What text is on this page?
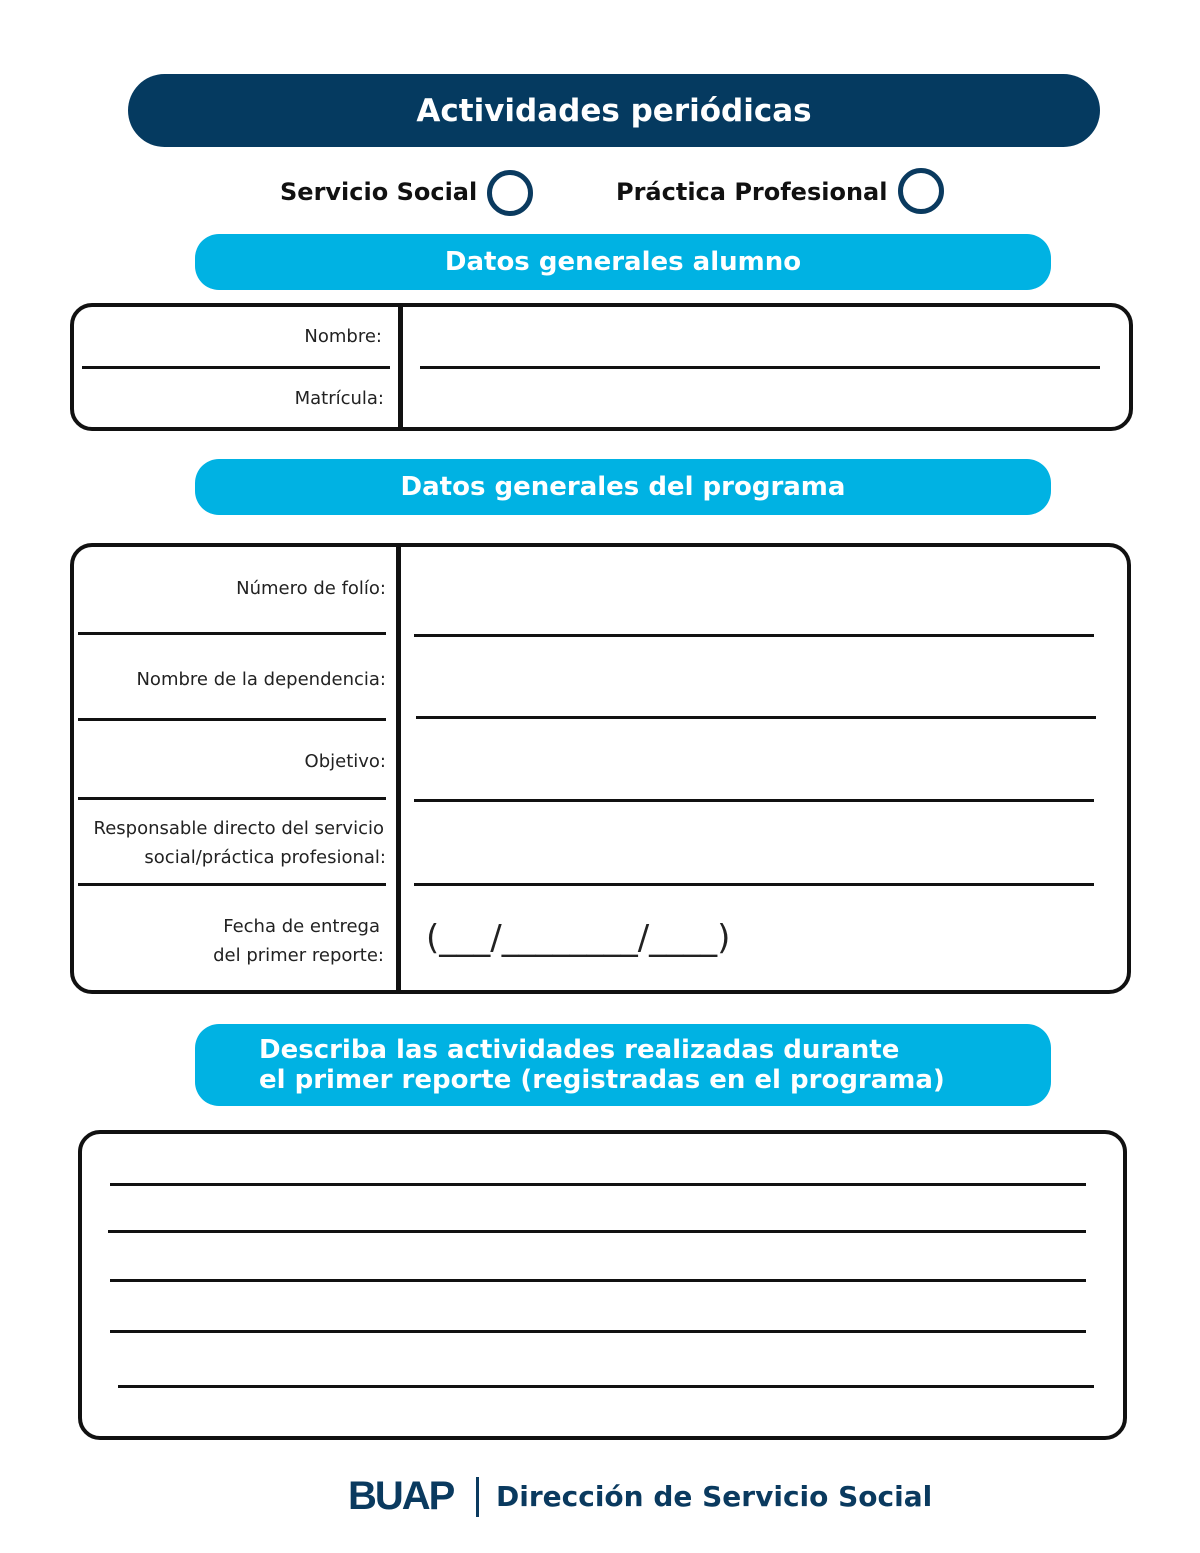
Actividades periódicas
Servicio Social	Práctica Profesional
Datos generales alumno
Nombre:
Matrícula:
Datos generales del programa
Número de folío:
Nombre de la dependencia:
Objetivo:
Responsable directo del servicio
social/práctica profesional:
Fecha de entrega
del primer reporte: (___/________/____)
Describa las actividades realizadas durante
el primer reporte (registradas en el programa)
BUAP Dirección de Servicio Social
